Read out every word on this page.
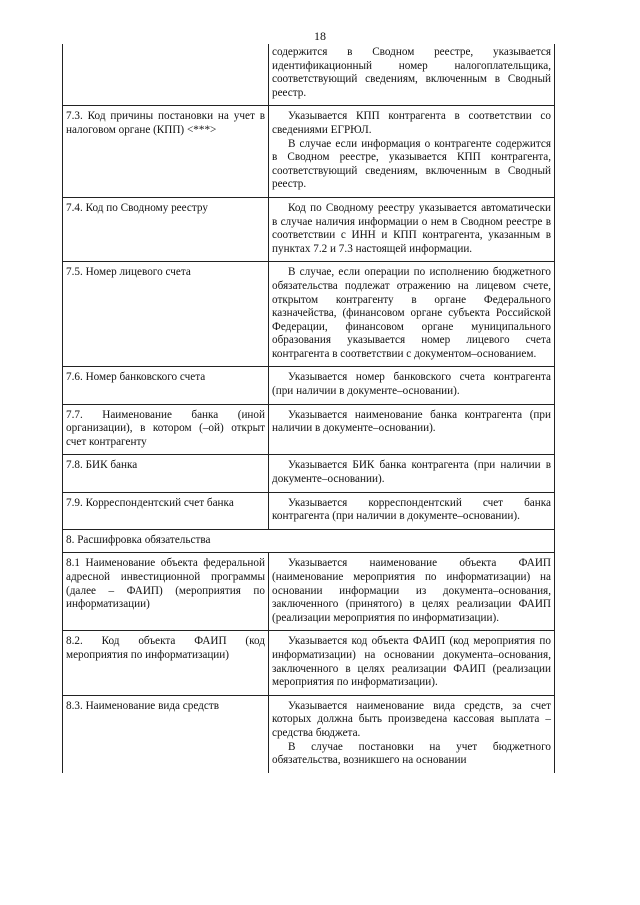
18

	содержится в Сводном реестре, указывается идентификационный номер налогоплательщика, соответствующий сведениям, включенным в Сводный реестр.

7.3. Код причины постановки на учет в налоговом органе (КПП) <***>	Указывается КПП контрагента в соответствии со сведениями ЕГРЮЛ.

В случае если информация о контрагенте содержится в Сводном реестре, указывается КПП контрагента, соответствующий сведениям, включенным в Сводный реестр.

7.4. Код по Сводному реестру	Код по Сводному реестру указывается автоматически в случае наличия информации о нем в Сводном реестре в соответствии с ИНН и КПП контрагента, указанным в пунктах 7.2 и 7.3 настоящей информации.

7.5. Номер лицевого счета	В случае, если операции по исполнению бюджетного обязательства подлежат отражению на лицевом счете, открытом контрагенту в органе Федерального казначейства, (финансовом органе субъекта Российской Федерации, финансовом органе муниципального образования указывается номер лицевого счета контрагента в соответствии с документом–основанием.

7.6. Номер банковского счета	Указывается номер банковского счета контрагента (при наличии в документе–основании).

7.7. Наименование банка (иной организации), в котором (–ой) открыт счет контрагенту	Указывается наименование банка контрагента (при наличии в документе–основании).

7.8. БИК банка	Указывается БИК банка контрагента (при наличии в документе–основании).

7.9. Корреспондентский счет банка	Указывается корреспондентский счет банка контрагента (при наличии в документе–основании).

8. Расшифровка обязательства	
8.1 Наименование объекта федеральной адресной инвестиционной программы (далее – ФАИП) (мероприятия по информатизации)	Указывается наименование объекта ФАИП (наименование мероприятия по информатизации) на основании информации из документа–основания, заключенного (принятого) в целях реализации ФАИП (реализации мероприятия по информатизации).

8.2. Код объекта ФАИП (код мероприятия по информатизации)	Указывается код объекта ФАИП (код мероприятия по информатизации) на основании документа–основания, заключенного в целях реализации ФАИП (реализации мероприятия по информатизации).

8.3. Наименование вида средств	Указывается наименование вида средств, за счет которых должна быть произведена кассовая выплата – средства бюджета.

В случае постановки на учет бюджетного обязательства, возникшего на основании
